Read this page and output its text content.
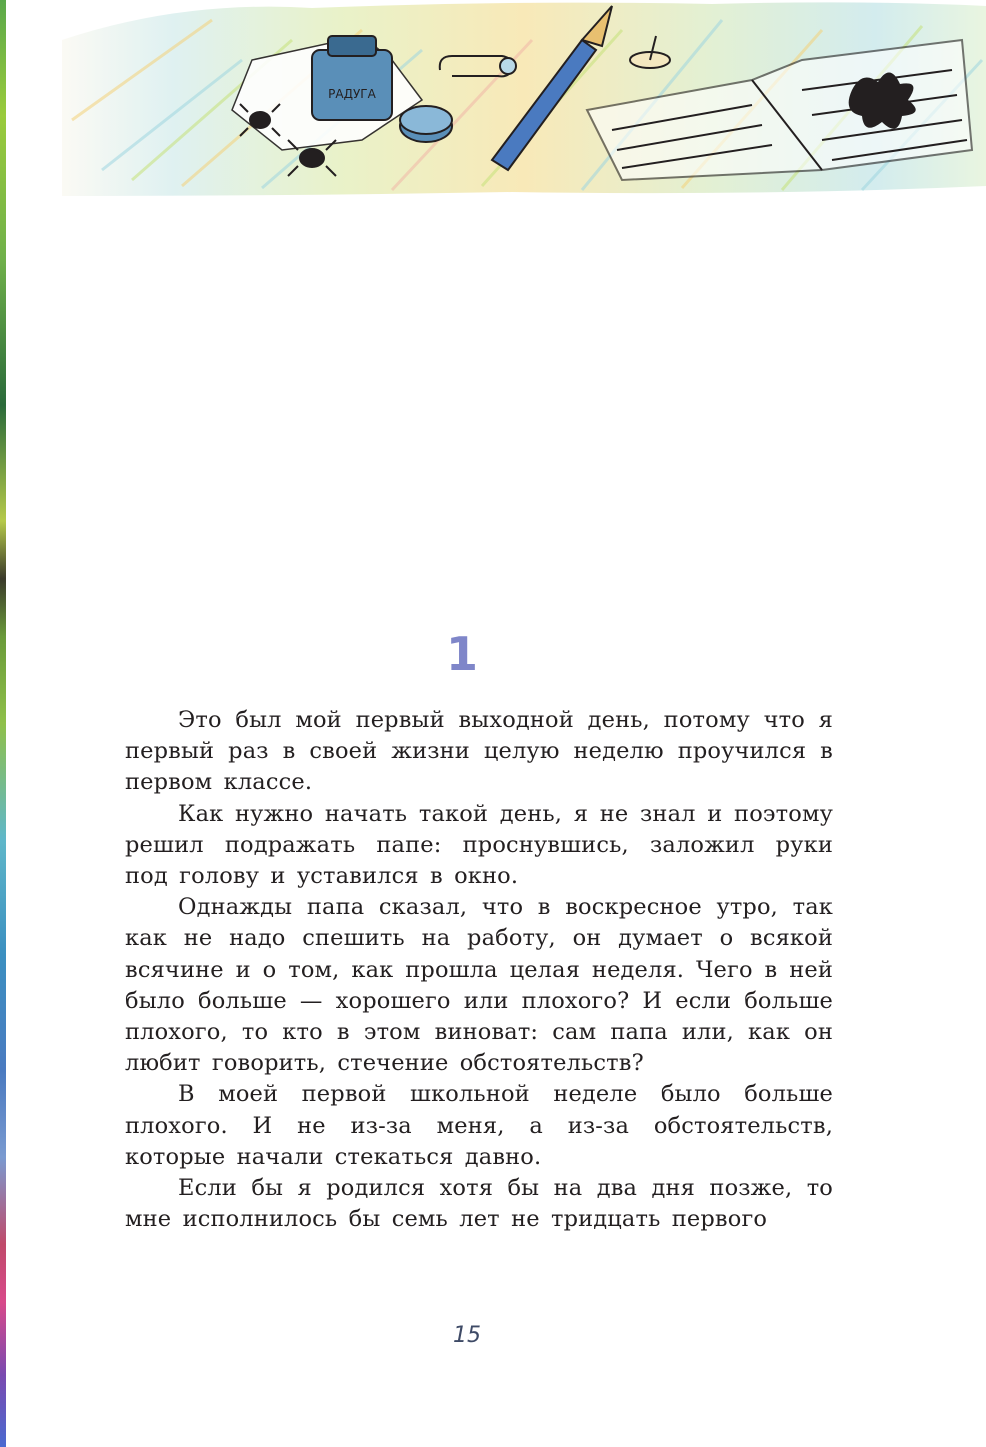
РАДУГА
1

Это был мой первый выходной день, потому что я первый раз в своей жизни целую неделю проучился в первом классе.

Как нужно начать такой день, я не знал и поэтому решил подражать папе: проснувшись, заложил руки под голову и уставился в окно.

Однажды папа сказал, что в воскресное утро, так как не надо спешить на работу, он думает о всякой всячине и о том, как прошла целая неделя. Чего в ней было больше — хорошего или плохого? И если больше плохого, то кто в этом виноват: сам папа или, как он любит говорить, стечение обстоятельств?

В моей первой школьной неделе было больше плохого. И не из-за меня, а из-за обстоятельств, которые начали стекаться давно.

Если бы я родился хотя бы на два дня позже, то мне исполнилось бы семь лет не тридцать первого

15
